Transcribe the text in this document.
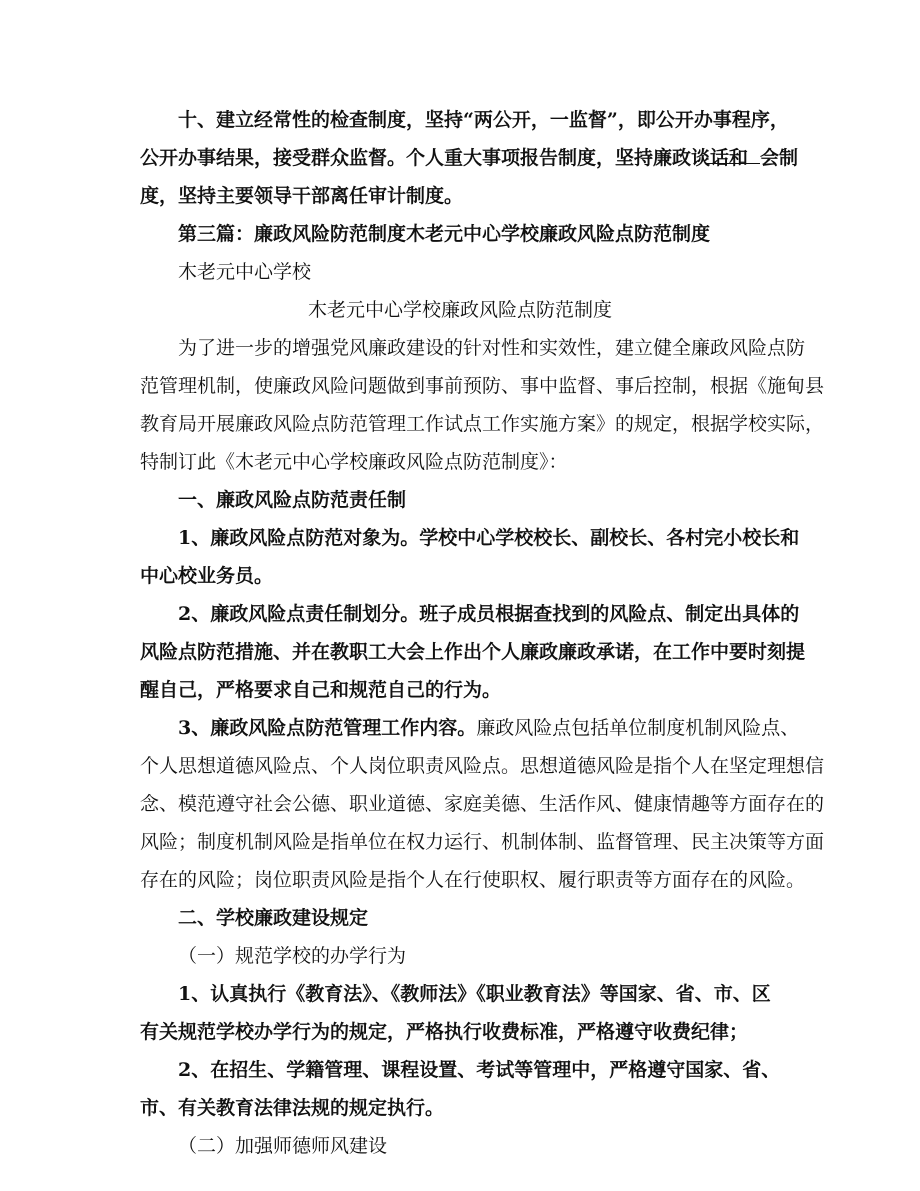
十、建立经常性的检查制度，坚持“两公开，一监督”，即公开办事程序，
公开办事结果，接受群众监督。个人重大事项报告制度，坚持廉政谈话和 会制
度，坚持主要领导干部离任审计制度。
第三篇：廉政风险防范制度木老元中心学校廉政风险点防范制度
木老元中心学校
木老元中心学校廉政风险点防范制度
为了进一步的增强党风廉政建设的针对性和实效性，建立健全廉政风险点防
范管理机制，使廉政风险问题做到事前预防、事中监督、事后控制，根据《施甸县
教育局开展廉政风险点防范管理工作试点工作实施方案》的规定，根据学校实际，
特制订此《木老元中心学校廉政风险点防范制度》：
一、廉政风险点防范责任制
1、廉政风险点防范对象为。学校中心学校校长、副校长、各村完小校长和
中心校业务员。
2、廉政风险点责任制划分。班子成员根据查找到的风险点、制定出具体的
风险点防范措施、并在教职工大会上作出个人廉政廉政承诺，在工作中要时刻提
醒自己，严格要求自己和规范自己的行为。
3、廉政风险点防范管理工作内容。廉政风险点包括单位制度机制风险点、
个人思想道德风险点、个人岗位职责风险点。思想道德风险是指个人在坚定理想信
念、模范遵守社会公德、职业道德、家庭美德、生活作风、健康情趣等方面存在的
风险；制度机制风险是指单位在权力运行、机制体制、监督管理、民主决策等方面
存在的风险；岗位职责风险是指个人在行使职权、履行职责等方面存在的风险。
二、学校廉政建设规定
（一）规范学校的办学行为
1、认真执行《教育法》、《教师法》《职业教育法》等国家、省、市、区
有关规范学校办学行为的规定，严格执行收费标准，严格遵守收费纪律；
2、在招生、学籍管理、课程设置、考试等管理中，严格遵守国家、省、
市、有关教育法律法规的规定执行。
（二）加强师德师风建设
